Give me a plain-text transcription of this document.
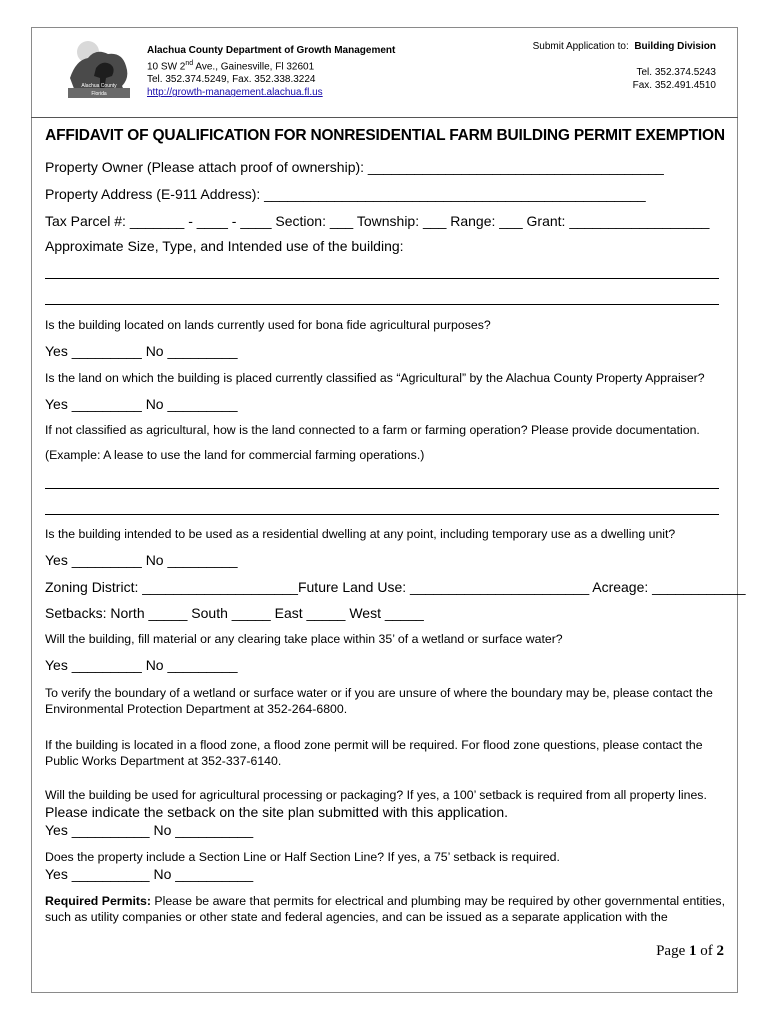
Alachua County
Florida
Alachua County Department of Growth Management
10 SW 2nd Ave., Gainesville, Fl 32601
Tel. 352.374.5249, Fax. 352.338.3224
http://growth-management.alachua.fl.us
Submit Application to: Building Division
Tel. 352.374.5243
Fax. 352.491.4510
AFFIDAVIT OF QUALIFICATION FOR NONRESIDENTIAL FARM BUILDING PERMIT EXEMPTION
Property Owner (Please attach proof of ownership): ______________________________________
Property Address (E-911 Address): _________________________________________________
Tax Parcel #: _______ - ____ - ____ Section: ___ Township: ___ Range: ___ Grant: __________________
Approximate Size, Type, and Intended use of the building:
Is the building located on lands currently used for bona fide agricultural purposes?
Yes _________ No _________
Is the land on which the building is placed currently classified as “Agricultural” by the Alachua County Property Appraiser?
Yes _________ No _________
If not classified as agricultural, how is the land connected to a farm or farming operation? Please provide documentation.
(Example: A lease to use the land for commercial farming operations.)
Is the building intended to be used as a residential dwelling at any point, including temporary use as a dwelling unit?
Yes _________ No _________
Zoning District: ____________________Future Land Use: _______________________ Acreage: ____________
Setbacks: North _____ South _____ East _____ West _____
Will the building, fill material or any clearing take place within 35’ of a wetland or surface water?
Yes _________ No _________
To verify the boundary of a wetland or surface water or if you are unsure of where the boundary may be, please contact the Environmental Protection Department at 352-264-6800.
If the building is located in a flood zone, a flood zone permit will be required. For flood zone questions, please contact the Public Works Department at 352-337-6140.
Will the building be used for agricultural processing or packaging? If yes, a 100’ setback is required from all property lines.
Please indicate the setback on the site plan submitted with this application.
Yes __________ No __________
Does the property include a Section Line or Half Section Line? If yes, a 75’ setback is required.
Yes __________ No __________
Required Permits: Please be aware that permits for electrical and plumbing may be required by other governmental entities, such as utility companies or other state and federal agencies, and can be issued as a separate application with the
Page 1 of 2
